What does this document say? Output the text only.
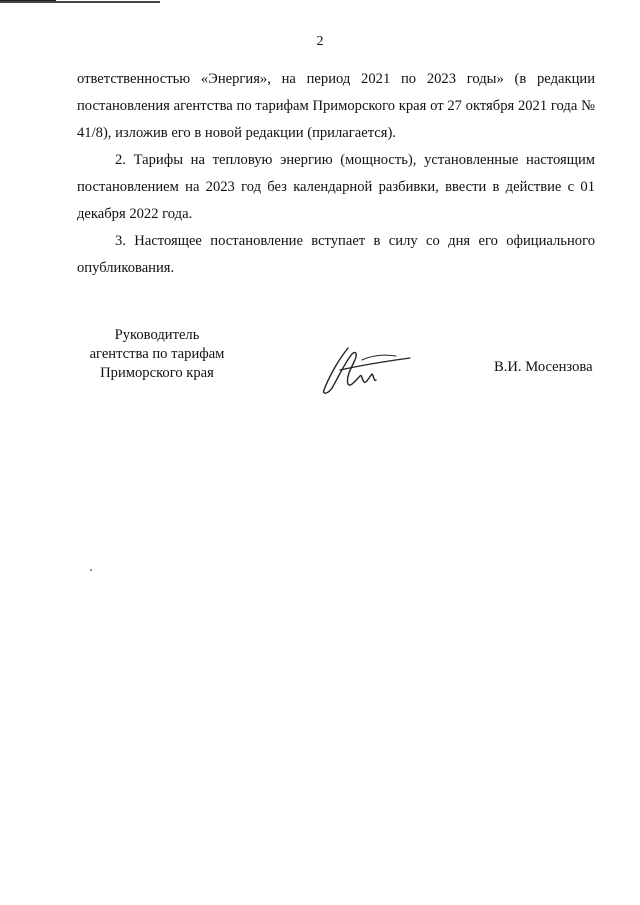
2

ответственностью «Энергия», на период 2021 по 2023 годы» (в редакции постановления агентства по тарифам Приморского края от 27 октября 2021 года № 41/8), изложив его в новой редакции (прилагается).

2. Тарифы на тепловую энергию (мощность), установленные настоящим постановлением на 2023 год без календарной разбивки, ввести в действие с 01 декабря 2022 года.

3. Настоящее постановление вступает в силу со дня его официального опубликования.

Руководитель
агентства по тарифам
Приморского края	В.И. Мосензова
